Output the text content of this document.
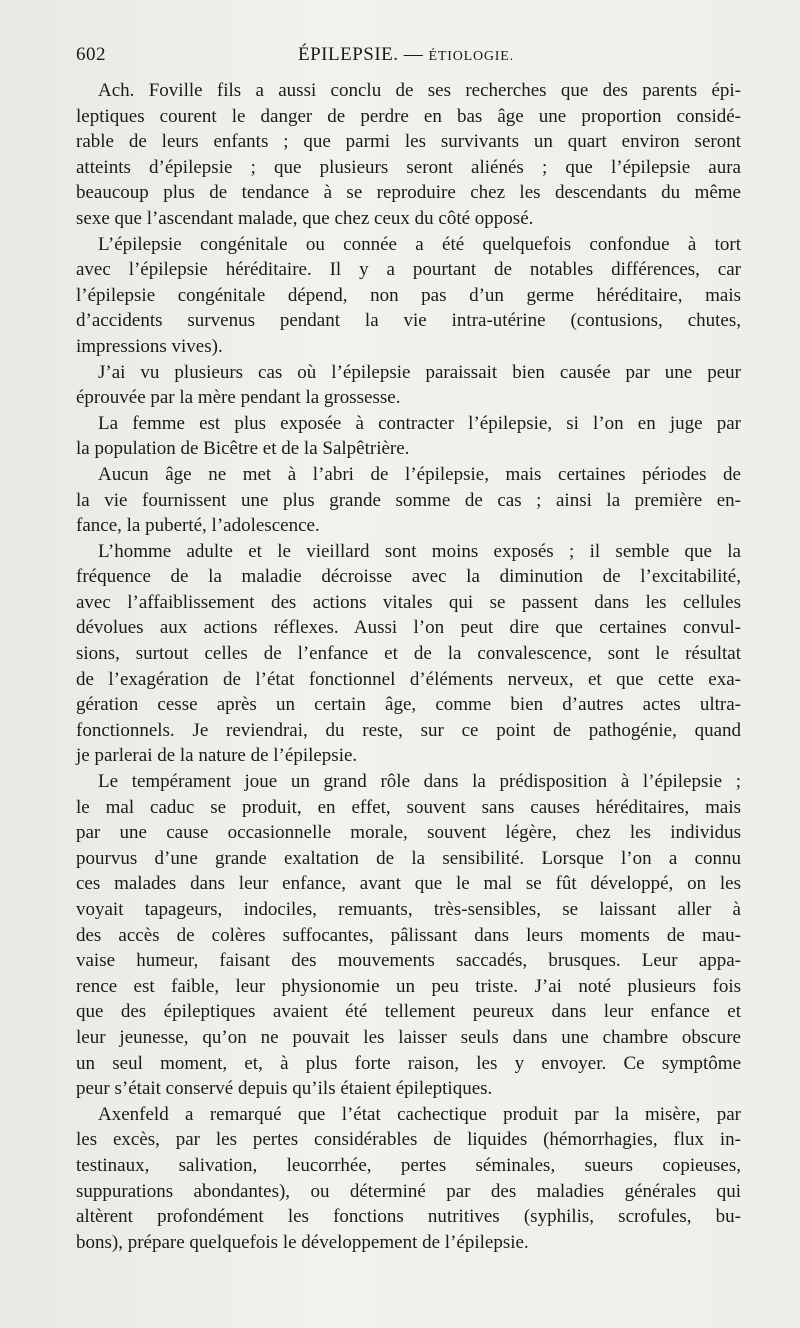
602	ÉPILEPSIE. — ÉTIOLOGIE.
Ach. Foville fils a aussi conclu de ses recherches que des parents épi-
leptiques courent le danger de perdre en bas âge une proportion considé-
rable de leurs enfants ; que parmi les survivants un quart environ seront
atteints d’épilepsie ; que plusieurs seront aliénés ; que l’épilepsie aura
beaucoup plus de tendance à se reproduire chez les descendants du même
sexe que l’ascendant malade, que chez ceux du côté opposé.
L’épilepsie congénitale ou connée a été quelquefois confondue à tort
avec l’épilepsie héréditaire. Il y a pourtant de notables différences, car
l’épilepsie congénitale dépend, non pas d’un germe héréditaire, mais
d’accidents survenus pendant la vie intra-utérine (contusions, chutes,
impressions vives).
J’ai vu plusieurs cas où l’épilepsie paraissait bien causée par une peur
éprouvée par la mère pendant la grossesse.
La femme est plus exposée à contracter l’épilepsie, si l’on en juge par
la population de Bicêtre et de la Salpêtrière.
Aucun âge ne met à l’abri de l’épilepsie, mais certaines périodes de
la vie fournissent une plus grande somme de cas ; ainsi la première en-
fance, la puberté, l’adolescence.
L’homme adulte et le vieillard sont moins exposés ; il semble que la
fréquence de la maladie décroisse avec la diminution de l’excitabilité,
avec l’affaiblissement des actions vitales qui se passent dans les cellules
dévolues aux actions réflexes. Aussi l’on peut dire que certaines convul-
sions, surtout celles de l’enfance et de la convalescence, sont le résultat
de l’exagération de l’état fonctionnel d’éléments nerveux, et que cette exa-
gération cesse après un certain âge, comme bien d’autres actes ultra-
fonctionnels. Je reviendrai, du reste, sur ce point de pathogénie, quand
je parlerai de la nature de l’épilepsie.
Le tempérament joue un grand rôle dans la prédisposition à l’épilepsie ;
le mal caduc se produit, en effet, souvent sans causes héréditaires, mais
par une cause occasionnelle morale, souvent légère, chez les individus
pourvus d’une grande exaltation de la sensibilité. Lorsque l’on a connu
ces malades dans leur enfance, avant que le mal se fût développé, on les
voyait tapageurs, indociles, remuants, très-sensibles, se laissant aller à
des accès de colères suffocantes, pâlissant dans leurs moments de mau-
vaise humeur, faisant des mouvements saccadés, brusques. Leur appa-
rence est faible, leur physionomie un peu triste. J’ai noté plusieurs fois
que des épileptiques avaient été tellement peureux dans leur enfance et
leur jeunesse, qu’on ne pouvait les laisser seuls dans une chambre obscure
un seul moment, et, à plus forte raison, les y envoyer. Ce symptôme
peur s’était conservé depuis qu’ils étaient épileptiques.
Axenfeld a remarqué que l’état cachectique produit par la misère, par
les excès, par les pertes considérables de liquides (hémorrhagies, flux in-
testinaux, salivation, leucorrhée, pertes séminales, sueurs copieuses,
suppurations abondantes), ou déterminé par des maladies générales qui
altèrent profondément les fonctions nutritives (syphilis, scrofules, bu-
bons), prépare quelquefois le développement de l’épilepsie.
